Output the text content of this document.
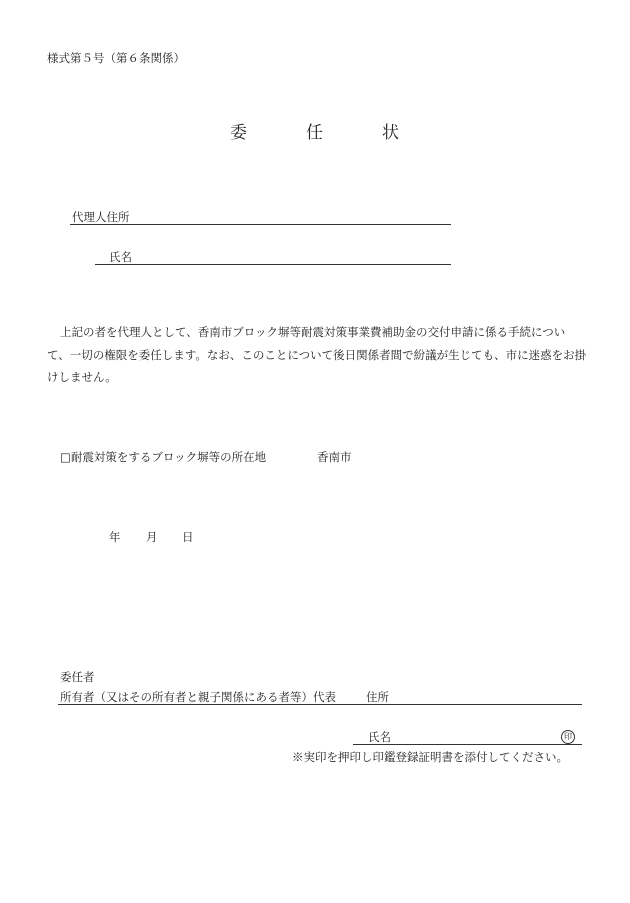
様式第５号（第６条関係）
委	任	状
代理人住所
氏名
上記の者を代理人として、香南市ブロック塀等耐震対策事業費補助金の交付申請に係る手続について、一切の権限を委任します。なお、このことについて後日関係者間で紛議が生じても、市に迷惑をお掛けしません。
□耐震対策をするブロック塀等の所在地	香南市
年 月 日
委任者
所有者（又はその所有者と親子関係にある者等）代表	住所
氏名	印
※実印を押印し印鑑登録証明書を添付してください。
